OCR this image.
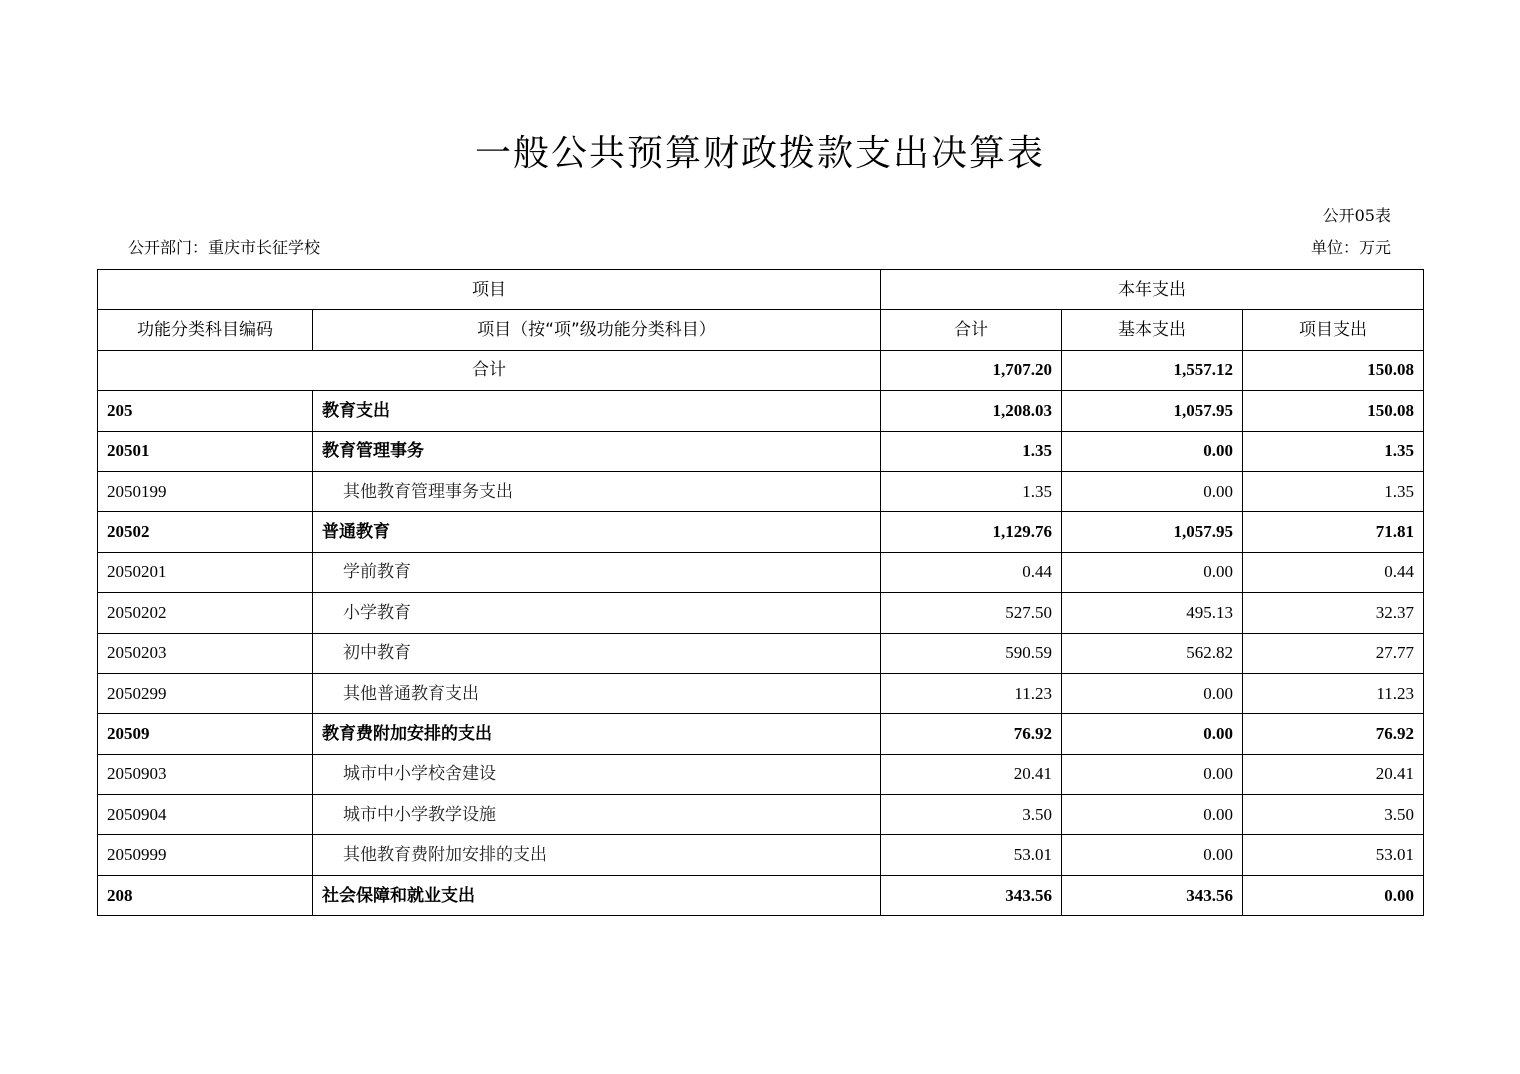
一般公共预算财政拨款支出决算表
公开05表
公开部门：重庆市长征学校	单位：万元
项目		本年支出		
功能分类科目编码	项目（按“项”级功能分类科目）	合计	基本支出	项目支出
合计		1,707.20	1,557.12	150.08
205	教育支出	1,208.03	1,057.95	150.08
20501	教育管理事务	1.35	0.00	1.35
2050199	其他教育管理事务支出	1.35	0.00	1.35
20502	普通教育	1,129.76	1,057.95	71.81
2050201	学前教育	0.44	0.00	0.44
2050202	小学教育	527.50	495.13	32.37
2050203	初中教育	590.59	562.82	27.77
2050299	其他普通教育支出	11.23	0.00	11.23
20509	教育费附加安排的支出	76.92	0.00	76.92
2050903	城市中小学校舍建设	20.41	0.00	20.41
2050904	城市中小学教学设施	3.50	0.00	3.50
2050999	其他教育费附加安排的支出	53.01	0.00	53.01
208	社会保障和就业支出	343.56	343.56	0.00
